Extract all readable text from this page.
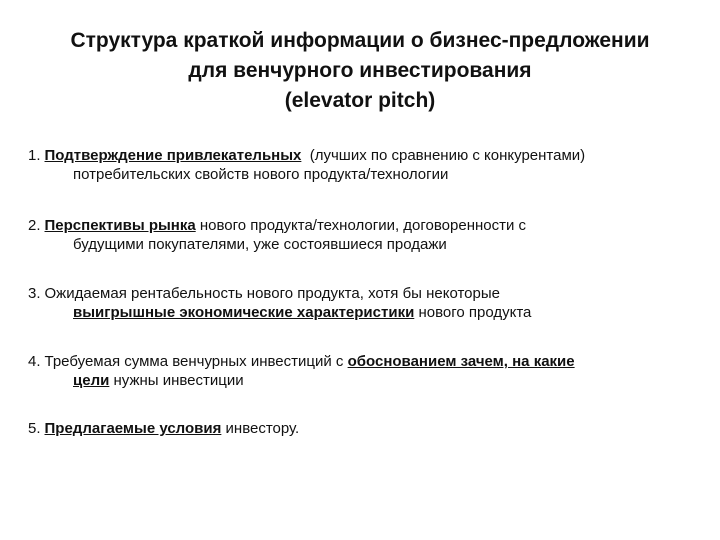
Структура краткой информации о бизнес-предложении
для венчурного инвестирования
(elevator pitch)
1. Подтверждение привлекательных  (лучших по сравнению с конкурентами)
потребительских свойств нового продукта/технологии
2. Перспективы рынка нового продукта/технологии, договоренности с
будущими покупателями, уже состоявшиеся продажи
3. Ожидаемая рентабельность нового продукта, хотя бы некоторые
выигрышные экономические характеристики нового продукта
4. Требуемая сумма венчурных инвестиций с обоснованием зачем, на какие
цели нужны инвестиции
5. Предлагаемые условия инвестору.
